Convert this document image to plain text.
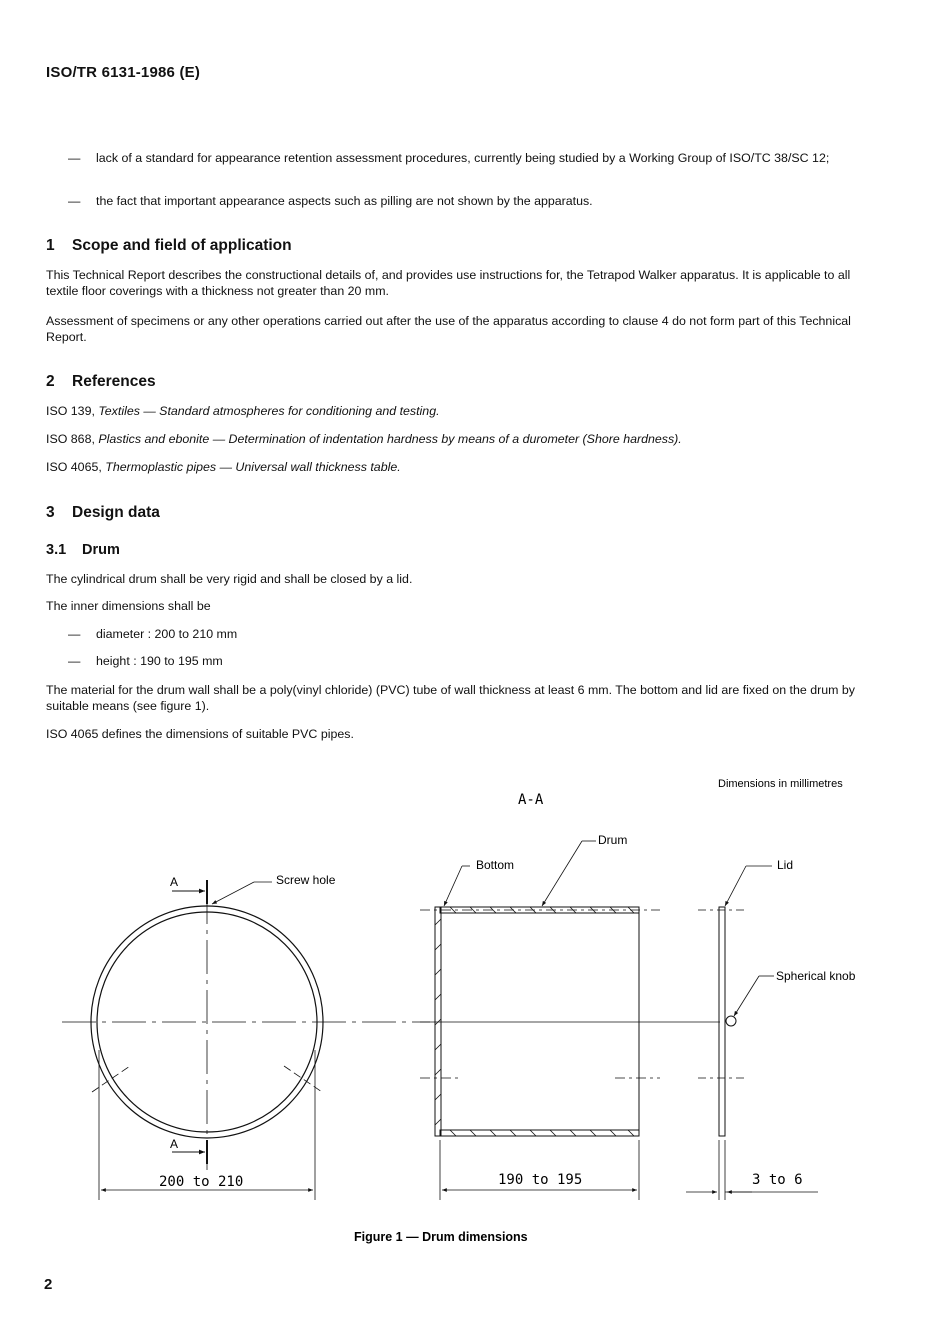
ISO/TR 6131-1986 (E)
—	lack of a standard for appearance retention assessment procedures, currently being studied by a Working Group of ISO/TC 38/SC 12;
—	the fact that important appearance aspects such as pilling are not shown by the apparatus.
1 Scope and field of application
This Technical Report describes the constructional details of, and provides use instructions for, the Tetrapod Walker apparatus. It is applicable to all textile floor coverings with a thickness not greater than 20 mm.
Assessment of specimens or any other operations carried out after the use of the apparatus according to clause 4 do not form part of this Technical Report.
2 References
ISO 139, Textiles — Standard atmospheres for conditioning and testing.
ISO 868, Plastics and ebonite — Determination of indentation hardness by means of a durometer (Shore hardness).
ISO 4065, Thermoplastic pipes — Universal wall thickness table.
3 Design data
3.1 Drum
The cylindrical drum shall be very rigid and shall be closed by a lid.
The inner dimensions shall be
—	diameter : 200 to 210 mm
—	height : 190 to 195 mm
The material for the drum wall shall be a poly(vinyl chloride) (PVC) tube of wall thickness at least 6 mm. The bottom and lid are fixed on the drum by suitable means (see figure 1).
ISO 4065 defines the dimensions of suitable PVC pipes.
Dimensions in millimetres
A-A
A
A
Screw hole
200 to 210
Drum
Bottom
190 to 195
Lid
Spherical knob
3 to 6
Figure 1 — Drum dimensions
2
